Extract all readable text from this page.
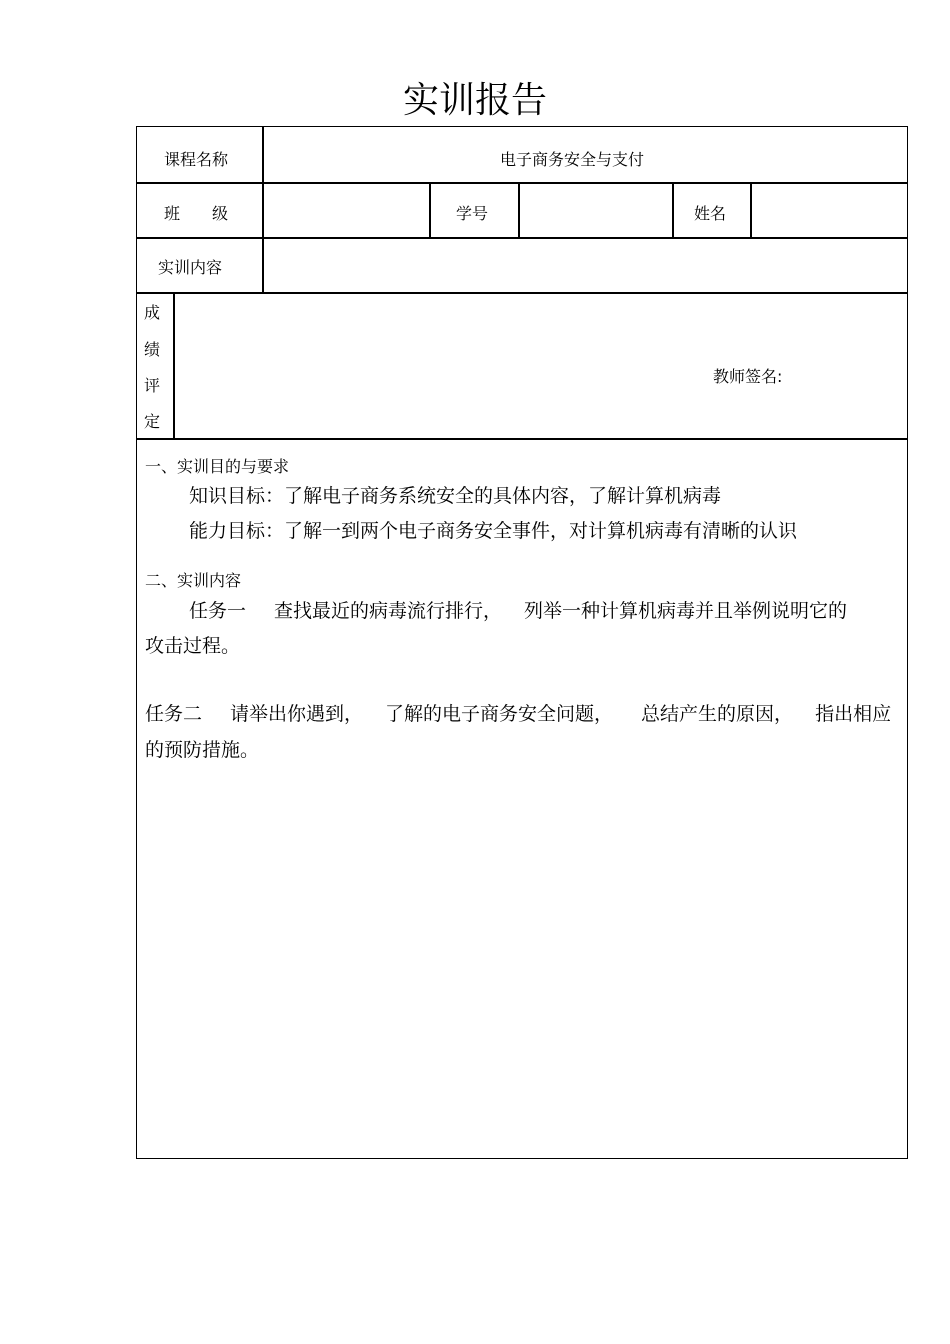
实训报告
课程名称	电子商务安全与支付
班 级	学号	姓名
实训内容
成
绩
评
定
教师签名:
一、实训目的与要求
知识目标：了解电子商务系统安全的具体内容，了解计算机病毒
能力目标：了解一到两个电子商务安全事件，对计算机病毒有清晰的认识
二、实训内容
任务一 查找最近的病毒流行排行， 列举一种计算机病毒并且举例说明它的
攻击过程。
任务二 请举出你遇到， 了解的电子商务安全问题， 总结产生的原因， 指出相应
的预防措施。
